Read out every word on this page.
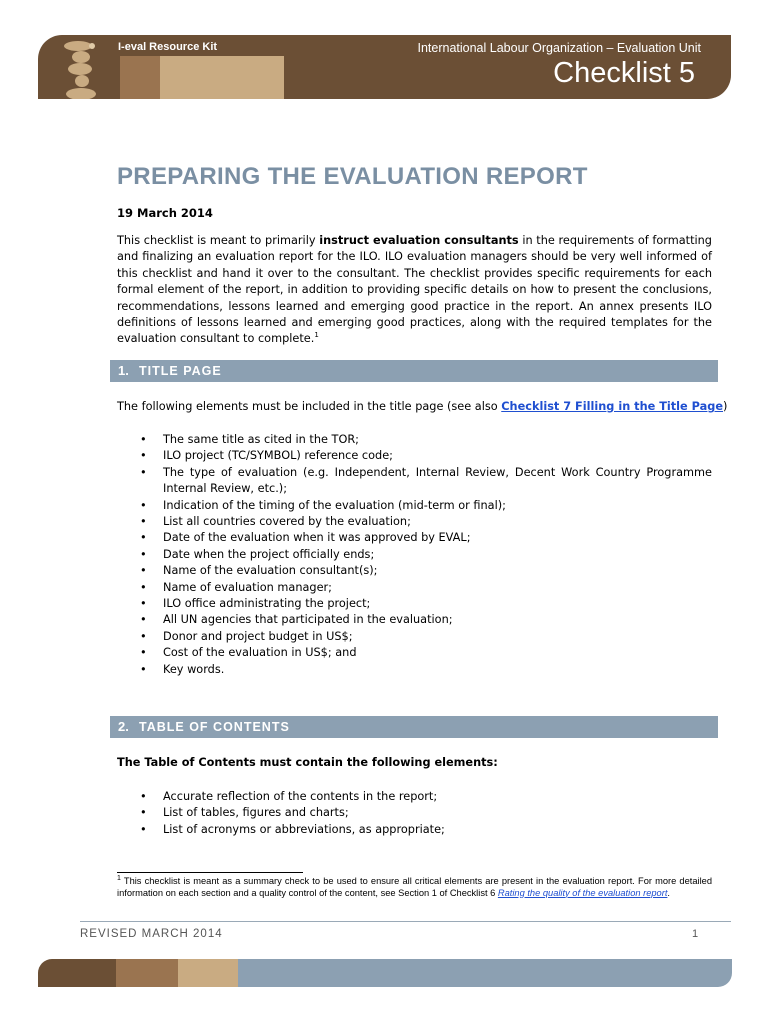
I-eval Resource Kit	International Labour Organization – Evaluation Unit
Checklist 5
PREPARING THE EVALUATION REPORT
19 March 2014
This checklist is meant to primarily instruct evaluation consultants in the requirements of formatting and finalizing an evaluation report for the ILO. ILO evaluation managers should be very well informed of this checklist and hand it over to the consultant. The checklist provides specific requirements for each formal element of the report, in addition to providing specific details on how to present the conclusions, recommendations, lessons learned and emerging good practice in the report. An annex presents ILO definitions of lessons learned and emerging good practices, along with the required templates for the evaluation consultant to complete.$^1$
1. TITLE PAGE
The following elements must be included in the title page (see also Checklist 7 Filling in the Title Page)
• The same title as cited in the TOR;
• ILO project (TC/SYMBOL) reference code;
• The type of evaluation (e.g. Independent, Internal Review, Decent Work Country Programme Internal Review, etc.);
• Indication of the timing of the evaluation (mid-term or final);
• List all countries covered by the evaluation;
• Date of the evaluation when it was approved by EVAL;
• Date when the project officially ends;
• Name of the evaluation consultant(s);
• Name of evaluation manager;
• ILO office administrating the project;
• All UN agencies that participated in the evaluation;
• Donor and project budget in US$;
• Cost of the evaluation in US$; and
• Key words.
2. TABLE OF CONTENTS
The Table of Contents must contain the following elements:
• Accurate reflection of the contents in the report;
• List of tables, figures and charts;
• List of acronyms or abbreviations, as appropriate;
$^1$ This checklist is meant as a summary check to be used to ensure all critical elements are present in the evaluation report. For more detailed information on each section and a quality control of the content, see Section 1 of Checklist 6 Rating the quality of the evaluation report.
REVISED MARCH 2014	1
